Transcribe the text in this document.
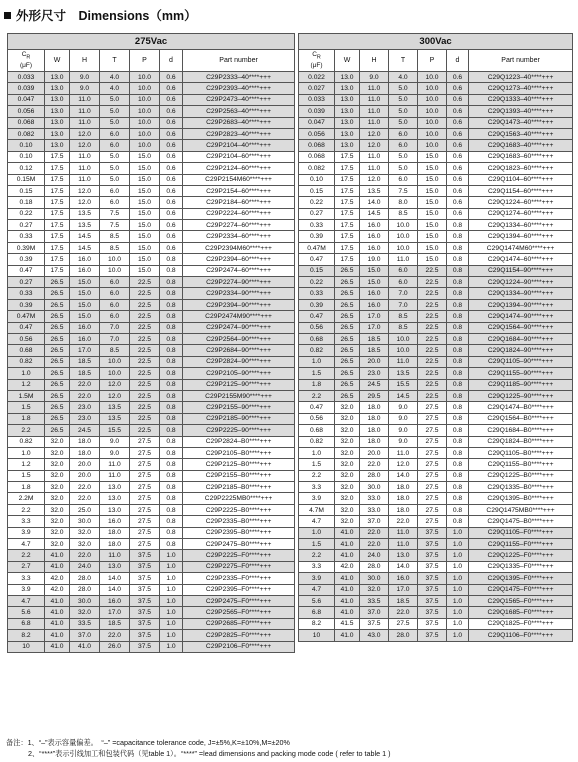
外形尺寸　Dimensions（mm）
275Vac						
$C_R$
(μF)	W	H	T	P	d	Part number
0.033	13.0	9.0	4.0	10.0	0.6	C29P2333–40****+++
0.039	13.0	9.0	4.0	10.0	0.6	C29P2393–40****+++
0.047	13.0	11.0	5.0	10.0	0.6	C29P2473–40****+++
0.056	13.0	11.0	5.0	10.0	0.6	C29P2563–40****+++
0.068	13.0	11.0	5.0	10.0	0.6	C29P2683–40****+++
0.082	13.0	12.0	6.0	10.0	0.6	C29P2823–40****+++
0.10	13.0	12.0	6.0	10.0	0.6	C29P2104–40****+++
0.10	17.5	11.0	5.0	15.0	0.6	C29P2104–60****+++
0.12	17.5	11.0	5.0	15.0	0.6	C29P2124–60****+++
0.15M	17.5	11.0	5.0	15.0	0.6	C29P2154M60****+++
0.15	17.5	12.0	6.0	15.0	0.6	C29P2154–60****+++
0.18	17.5	12.0	6.0	15.0	0.6	C29P2184–60****+++
0.22	17.5	13.5	7.5	15.0	0.6	C29P2224–60****+++
0.27	17.5	13.5	7.5	15.0	0.6	C29P2274–60****+++
0.33	17.5	14.5	8.5	15.0	0.6	C29P2334–60****+++
0.39M	17.5	14.5	8.5	15.0	0.6	C29P2394M60****+++
0.39	17.5	16.0	10.0	15.0	0.8	C29P2394–60****+++
0.47	17.5	16.0	10.0	15.0	0.8	C29P2474–60****+++
0.27	26.5	15.0	6.0	22.5	0.8	C29P2274–90****+++
0.33	26.5	15.0	6.0	22.5	0.8	C29P2334–90****+++
0.39	26.5	15.0	6.0	22.5	0.8	C29P2394–90****+++
0.47M	26.5	15.0	6.0	22.5	0.8	C29P2474M90****+++
0.47	26.5	16.0	7.0	22.5	0.8	C29P2474–90****+++
0.56	26.5	16.0	7.0	22.5	0.8	C29P2564–90****+++
0.68	26.5	17.0	8.5	22.5	0.8	C29P2684–90****+++
0.82	26.5	18.5	10.0	22.5	0.8	C29P2824–90****+++
1.0	26.5	18.5	10.0	22.5	0.8	C29P2105–90****+++
1.2	26.5	22.0	12.0	22.5	0.8	C29P2125–90****+++
1.5M	26.5	22.0	12.0	22.5	0.8	C29P2155M90****+++
1.5	26.5	23.0	13.5	22.5	0.8	C29P2155–90****+++
1.8	26.5	23.0	13.5	22.5	0.8	C29P2185–90****+++
2.2	26.5	24.5	15.5	22.5	0.8	C29P2225–90****+++
0.82	32.0	18.0	9.0	27.5	0.8	C29P2824–B0****+++
1.0	32.0	18.0	9.0	27.5	0.8	C29P2105–B0****+++
1.2	32.0	20.0	11.0	27.5	0.8	C29P2125–B0****+++
1.5	32.0	20.0	11.0	27.5	0.8	C29P2155–B0****+++
1.8	32.0	22.0	13.0	27.5	0.8	C29P2185–B0****+++
2.2M	32.0	22.0	13.0	27.5	0.8	C29P2225MB0****+++
2.2	32.0	25.0	13.0	27.5	0.8	C29P2225–B0****+++
3.3	32.0	30.0	16.0	27.5	0.8	C29P2335–B0****+++
3.9	32.0	32.0	18.0	27.5	0.8	C29P2395–B0****+++
4.7	32.0	32.0	18.0	27.5	0.8	C29P2475–B0****+++
2.2	41.0	22.0	11.0	37.5	1.0	C29P2225–F0****+++
2.7	41.0	24.0	13.0	37.5	1.0	C29P2275–F0****+++
3.3	42.0	28.0	14.0	37.5	1.0	C29P2335–F0****+++
3.9	42.0	28.0	14.0	37.5	1.0	C29P2395–F0****+++
4.7	41.0	30.0	16.0	37.5	1.0	C29P2475–F0****+++
5.6	41.0	32.0	17.0	37.5	1.0	C29P2565–F0****+++
6.8	41.0	33.5	18.5	37.5	1.0	C29P2685–F0****+++
8.2	41.0	37.0	22.0	37.5	1.0	C29P2825–F0****+++
10	41.0	41.0	26.0	37.5	1.0	C29P2106–F0****+++
300Vac						
$C_R$
(μF)	W	H	T	P	d	Part number
0.022	13.0	9.0	4.0	10.0	0.6	C29Q1223–40****+++
0.027	13.0	11.0	5.0	10.0	0.6	C29Q1273–40****+++
0.033	13.0	11.0	5.0	10.0	0.6	C29Q1333–40****+++
0.039	13.0	11.0	5.0	10.0	0.6	C29Q1393–40****+++
0.047	13.0	11.0	5.0	10.0	0.6	C29Q1473–40****+++
0.056	13.0	12.0	6.0	10.0	0.6	C29Q1563–40****+++
0.068	13.0	12.0	6.0	10.0	0.6	C29Q1683–40****+++
0.068	17.5	11.0	5.0	15.0	0.6	C29Q1683–60****+++
0.082	17.5	11.0	5.0	15.0	0.6	C29Q1823–60****+++
0.10	17.5	12.0	6.0	15.0	0.6	C29Q1104–60****+++
0.15	17.5	13.5	7.5	15.0	0.6	C29Q1154–60****+++
0.22	17.5	14.0	8.0	15.0	0.6	C29Q1224–60****+++
0.27	17.5	14.5	8.5	15.0	0.6	C29Q1274–60****+++
0.33	17.5	16.0	10.0	15.0	0.8	C29Q1334–60****+++
0.39	17.5	16.0	10.0	15.0	0.8	C29Q1394–60****+++
0.47M	17.5	16.0	10.0	15.0	0.8	C29Q1474M60****+++
0.47	17.5	19.0	11.0	15.0	0.8	C29Q1474–60****+++
0.15	26.5	15.0	6.0	22.5	0.8	C29Q1154–90****+++
0.22	26.5	15.0	6.0	22.5	0.8	C29Q1224–90****+++
0.33	26.5	16.0	7.0	22.5	0.8	C29Q1334–90****+++
0.39	26.5	16.0	7.0	22.5	0.8	C29Q1394–90****+++
0.47	26.5	17.0	8.5	22.5	0.8	C29Q1474–90****+++
0.56	26.5	17.0	8.5	22.5	0.8	C29Q1564–90****+++
0.68	26.5	18.5	10.0	22.5	0.8	C29Q1684–90****+++
0.82	26.5	18.5	10.0	22.5	0.8	C29Q1824–90****+++
1.0	26.5	20.0	11.0	22.5	0.8	C29Q1105–90****+++
1.5	26.5	23.0	13.5	22.5	0.8	C29Q1155–90****+++
1.8	26.5	24.5	15.5	22.5	0.8	C29Q1185–90****+++
2.2	26.5	29.5	14.5	22.5	0.8	C29Q1225–90****+++
0.47	32.0	18.0	9.0	27.5	0.8	C29Q1474–B0****+++
0.56	32.0	18.0	9.0	27.5	0.8	C29Q1564–B0****+++
0.68	32.0	18.0	9.0	27.5	0.8	C29Q1684–B0****+++
0.82	32.0	18.0	9.0	27.5	0.8	C29Q1824–B0****+++
1.0	32.0	20.0	11.0	27.5	0.8	C29Q1105–B0****+++
1.5	32.0	22.0	12.0	27.5	0.8	C29Q1155–B0****+++
2.2	32.0	28.0	14.0	27.5	0.8	C29Q1225–B0****+++
3.3	32.0	30.0	18.0	27.5	0.8	C29Q1335–B0****+++
3.9	32.0	33.0	18.0	27.5	0.8	C29Q1395–B0****+++
4.7M	32.0	33.0	18.0	27.5	0.8	C29Q1475MB0****+++
4.7	32.0	37.0	22.0	27.5	0.8	C29Q1475–B0****+++
1.0	41.0	22.0	11.0	37.5	1.0	C29Q1105–F0****+++
1.5	41.0	22.0	11.0	37.5	1.0	C29Q1155–F0****+++
2.2	41.0	24.0	13.0	37.5	1.0	C29Q1225–F0****+++
3.3	42.0	28.0	14.0	37.5	1.0	C29Q1335–F0****+++
3.9	41.0	30.0	16.0	37.5	1.0	C29Q1395–F0****+++
4.7	41.0	32.0	17.0	37.5	1.0	C29Q1475–F0****+++
5.6	41.0	33.5	18.5	37.5	1.0	C29Q1565–F0****+++
6.8	41.0	37.0	22.0	37.5	1.0	C29Q1685–F0****+++
8.2	41.5	37.5	27.5	37.5	1.0	C29Q1825–F0****+++
10	41.0	43.0	28.0	37.5	1.0	C29Q1106–F0****+++
备注：1、“–”表示容量偏差。　“–” =capacitance tolerance code, J=±5%,K=±10%,M=±20%
2、“****”表示引线加工和包装代码（见table 1）。“****” =lead dimensions and packing mode code ( refer to table 1 )
